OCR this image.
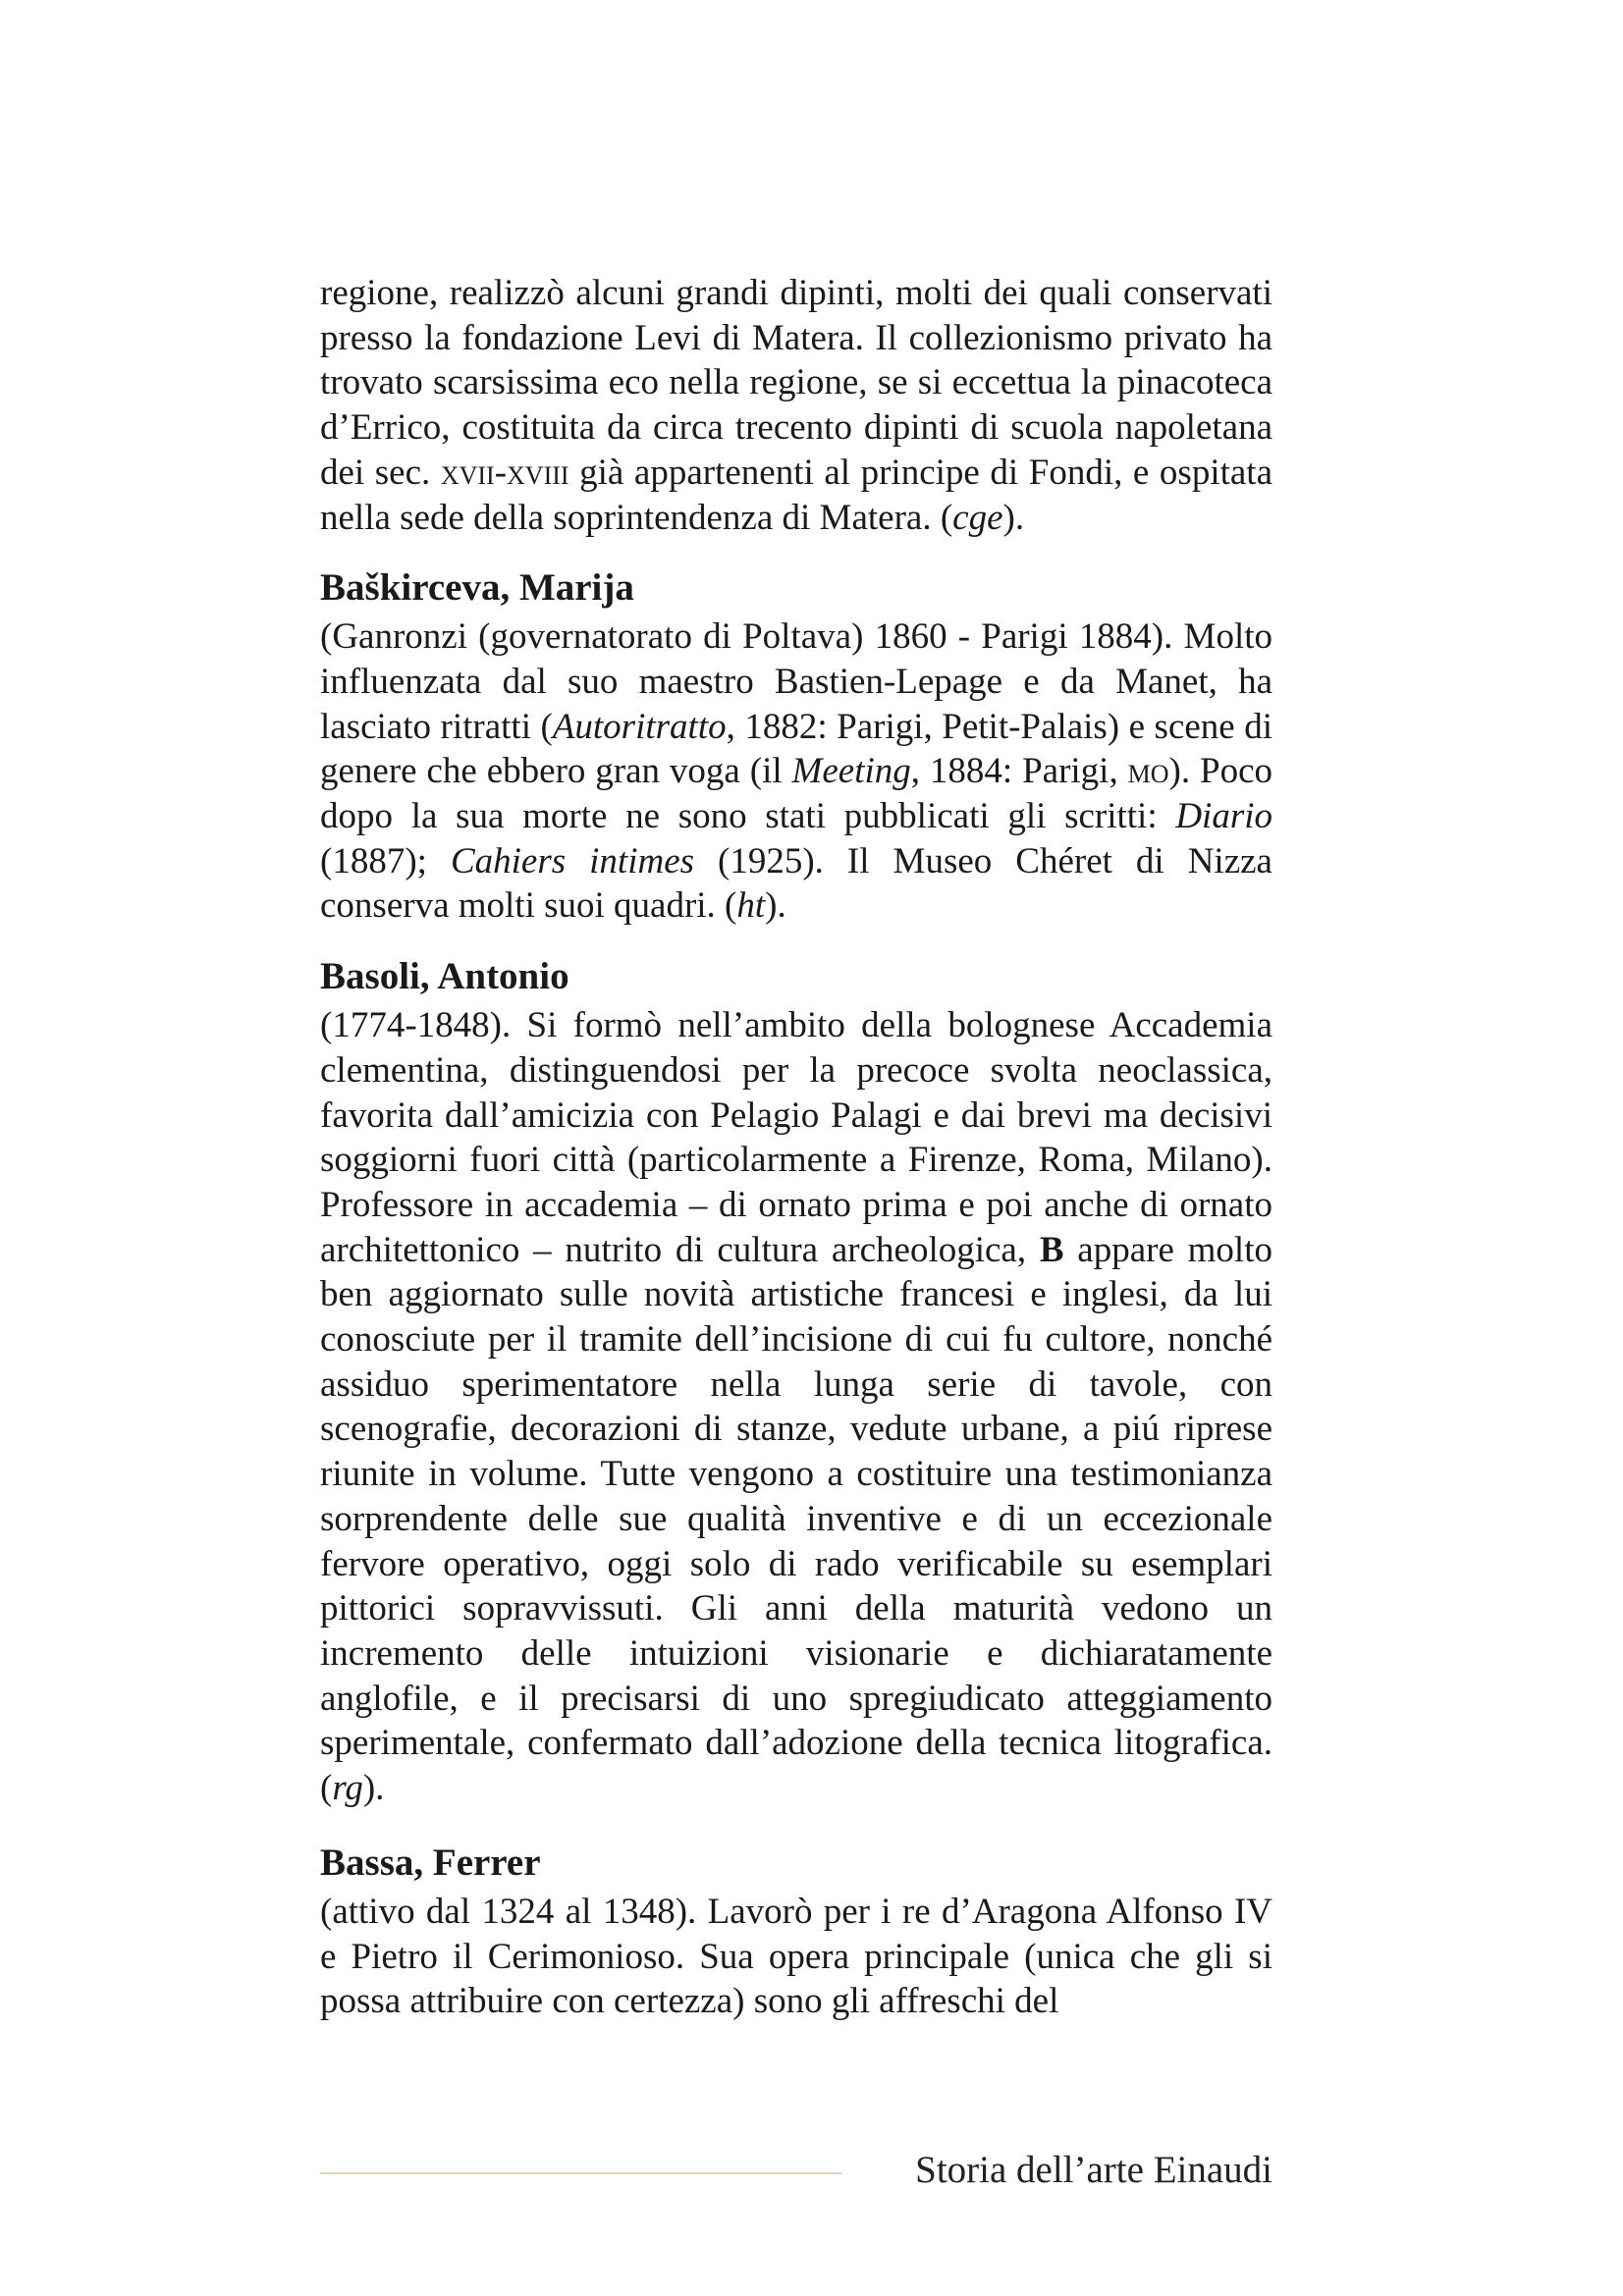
regione, realizzò alcuni grandi dipinti, molti dei quali conservati presso la fondazione Levi di Matera. Il collezionismo privato ha trovato scarsissima eco nella regione, se si eccettua la pinacoteca d’Errico, costituita da circa trecento dipinti di scuola napoletana dei sec. xvii-xviii già appartenenti al principe di Fondi, e ospitata nella sede della soprintendenza di Matera. (cge).

Baškirceva, Marija

(Ganronzi (governatorato di Poltava) 1860 - Parigi 1884). Molto influenzata dal suo maestro Bastien-Lepage e da Manet, ha lasciato ritratti (Autoritratto, 1882: Parigi, Petit-Palais) e scene di genere che ebbero gran voga (il Meeting, 1884: Parigi, mo). Poco dopo la sua morte ne sono stati pubblicati gli scritti: Diario (1887); Cahiers intimes (1925). Il Museo Chéret di Nizza conserva molti suoi quadri. (ht).

Basoli, Antonio

(1774-1848). Si formò nell’ambito della bolognese Accademia clementina, distinguendosi per la precoce svolta neoclassica, favorita dall’amicizia con Pelagio Palagi e dai brevi ma decisivi soggiorni fuori città (particolarmente a Firenze, Roma, Milano). Professore in accademia – di ornato prima e poi anche di ornato architettonico – nutrito di cultura archeologica, B appare molto ben aggiornato sulle novità artistiche francesi e inglesi, da lui conosciute per il tramite dell’incisione di cui fu cultore, nonché assiduo sperimentatore nella lunga serie di tavole, con scenografie, decorazioni di stanze, vedute urbane, a piú riprese riunite in volume. Tutte vengono a costituire una testimonianza sorprendente delle sue qualità inventive e di un eccezionale fervore operativo, oggi solo di rado verificabile su esemplari pittorici sopravvissuti. Gli anni della maturità vedono un incremento delle intuizioni visionarie e dichiaratamente anglofile, e il precisarsi di uno spregiudicato atteggiamento sperimentale, confermato dall’adozione della tecnica litografica. (rg).

Bassa, Ferrer

(attivo dal 1324 al 1348). Lavorò per i re d’Aragona Alfonso IV e Pietro il Cerimonioso. Sua opera principale (unica che gli si possa attribuire con certezza) sono gli affreschi del

Storia dell’arte Einaudi
